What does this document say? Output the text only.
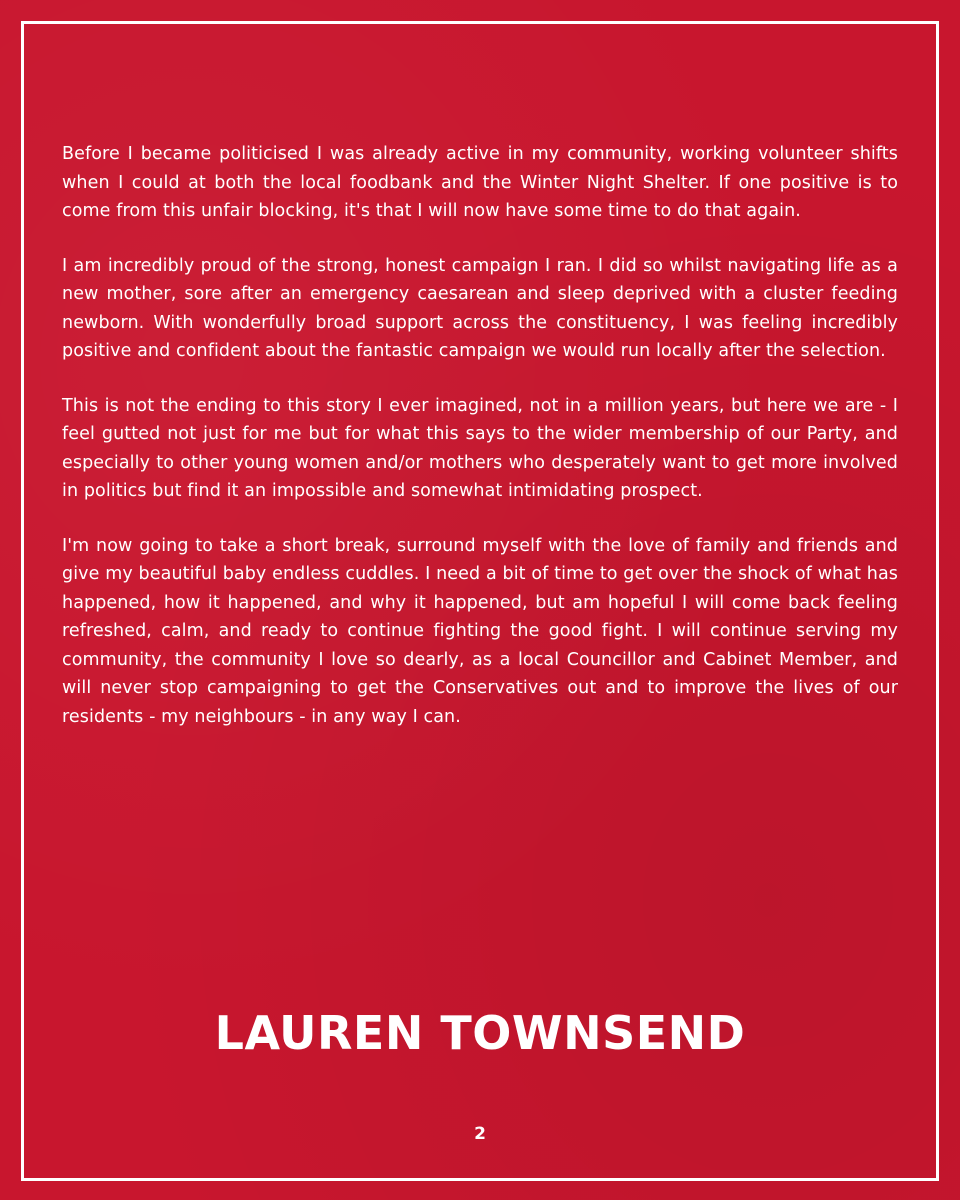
Before I became politicised I was already active in my community, working volunteer shifts when I could at both the local foodbank and the Winter Night Shelter. If one positive is to come from this unfair blocking, it's that I will now have some time to do that again.

I am incredibly proud of the strong, honest campaign I ran. I did so whilst navigating life as a new mother, sore after an emergency caesarean and sleep deprived with a cluster feeding newborn. With wonderfully broad support across the constituency, I was feeling incredibly positive and confident about the fantastic campaign we would run locally after the selection.

This is not the ending to this story I ever imagined, not in a million years, but here we are - I feel gutted not just for me but for what this says to the wider membership of our Party, and especially to other young women and/or mothers who desperately want to get more involved in politics but find it an impossible and somewhat intimidating prospect.

I'm now going to take a short break, surround myself with the love of family and friends and give my beautiful baby endless cuddles. I need a bit of time to get over the shock of what has happened, how it happened, and why it happened, but am hopeful I will come back feeling refreshed, calm, and ready to continue fighting the good fight. I will continue serving my community, the community I love so dearly, as a local Councillor and Cabinet Member, and will never stop campaigning to get the Conservatives out and to improve the lives of our residents - my neighbours - in any way I can.

LAUREN TOWNSEND
2
